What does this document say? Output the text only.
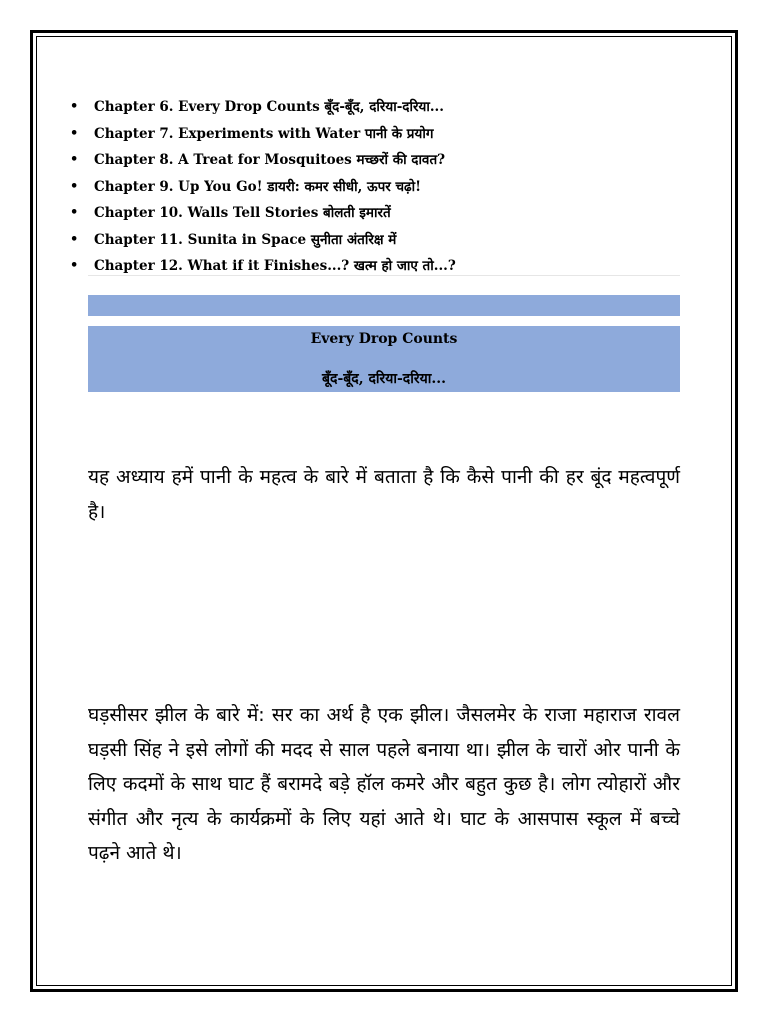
• Chapter 6. Every Drop Counts बूँद-बूँद, दरिया-दरिया...
• Chapter 7. Experiments with Water पानी के प्रयोग
• Chapter 8. A Treat for Mosquitoes मच्छरों की दावत?
• Chapter 9. Up You Go! डायरी: कमर सीधी, ऊपर चढ़ो!
• Chapter 10. Walls Tell Stories बोलती इमारतें
• Chapter 11. Sunita in Space सुनीता अंतरिक्ष में
• Chapter 12. What if it Finishes...? खत्म हो जाए तो...?
Every Drop Counts
बूँद-बूँद, दरिया-दरिया...

यह अध्याय हमें पानी के महत्व के बारे में बताता है कि कैसे पानी की हर बूंद महत्वपूर्ण है।

घड़सीसर झील के बारे में: सर का अर्थ है एक झील। जैसलमेर के राजा महाराज रावल घड़सी सिंह ने इसे लोगों की मदद से साल पहले बनाया था। झील के चारों ओर पानी के लिए कदमों के साथ घाट हैं बरामदे बड़े हॉल कमरे और बहुत कुछ है। लोग त्योहारों और संगीत और नृत्य के कार्यक्रमों के लिए यहां आते थे। घाट के आसपास स्कूल में बच्चे पढ़ने आते थे।
